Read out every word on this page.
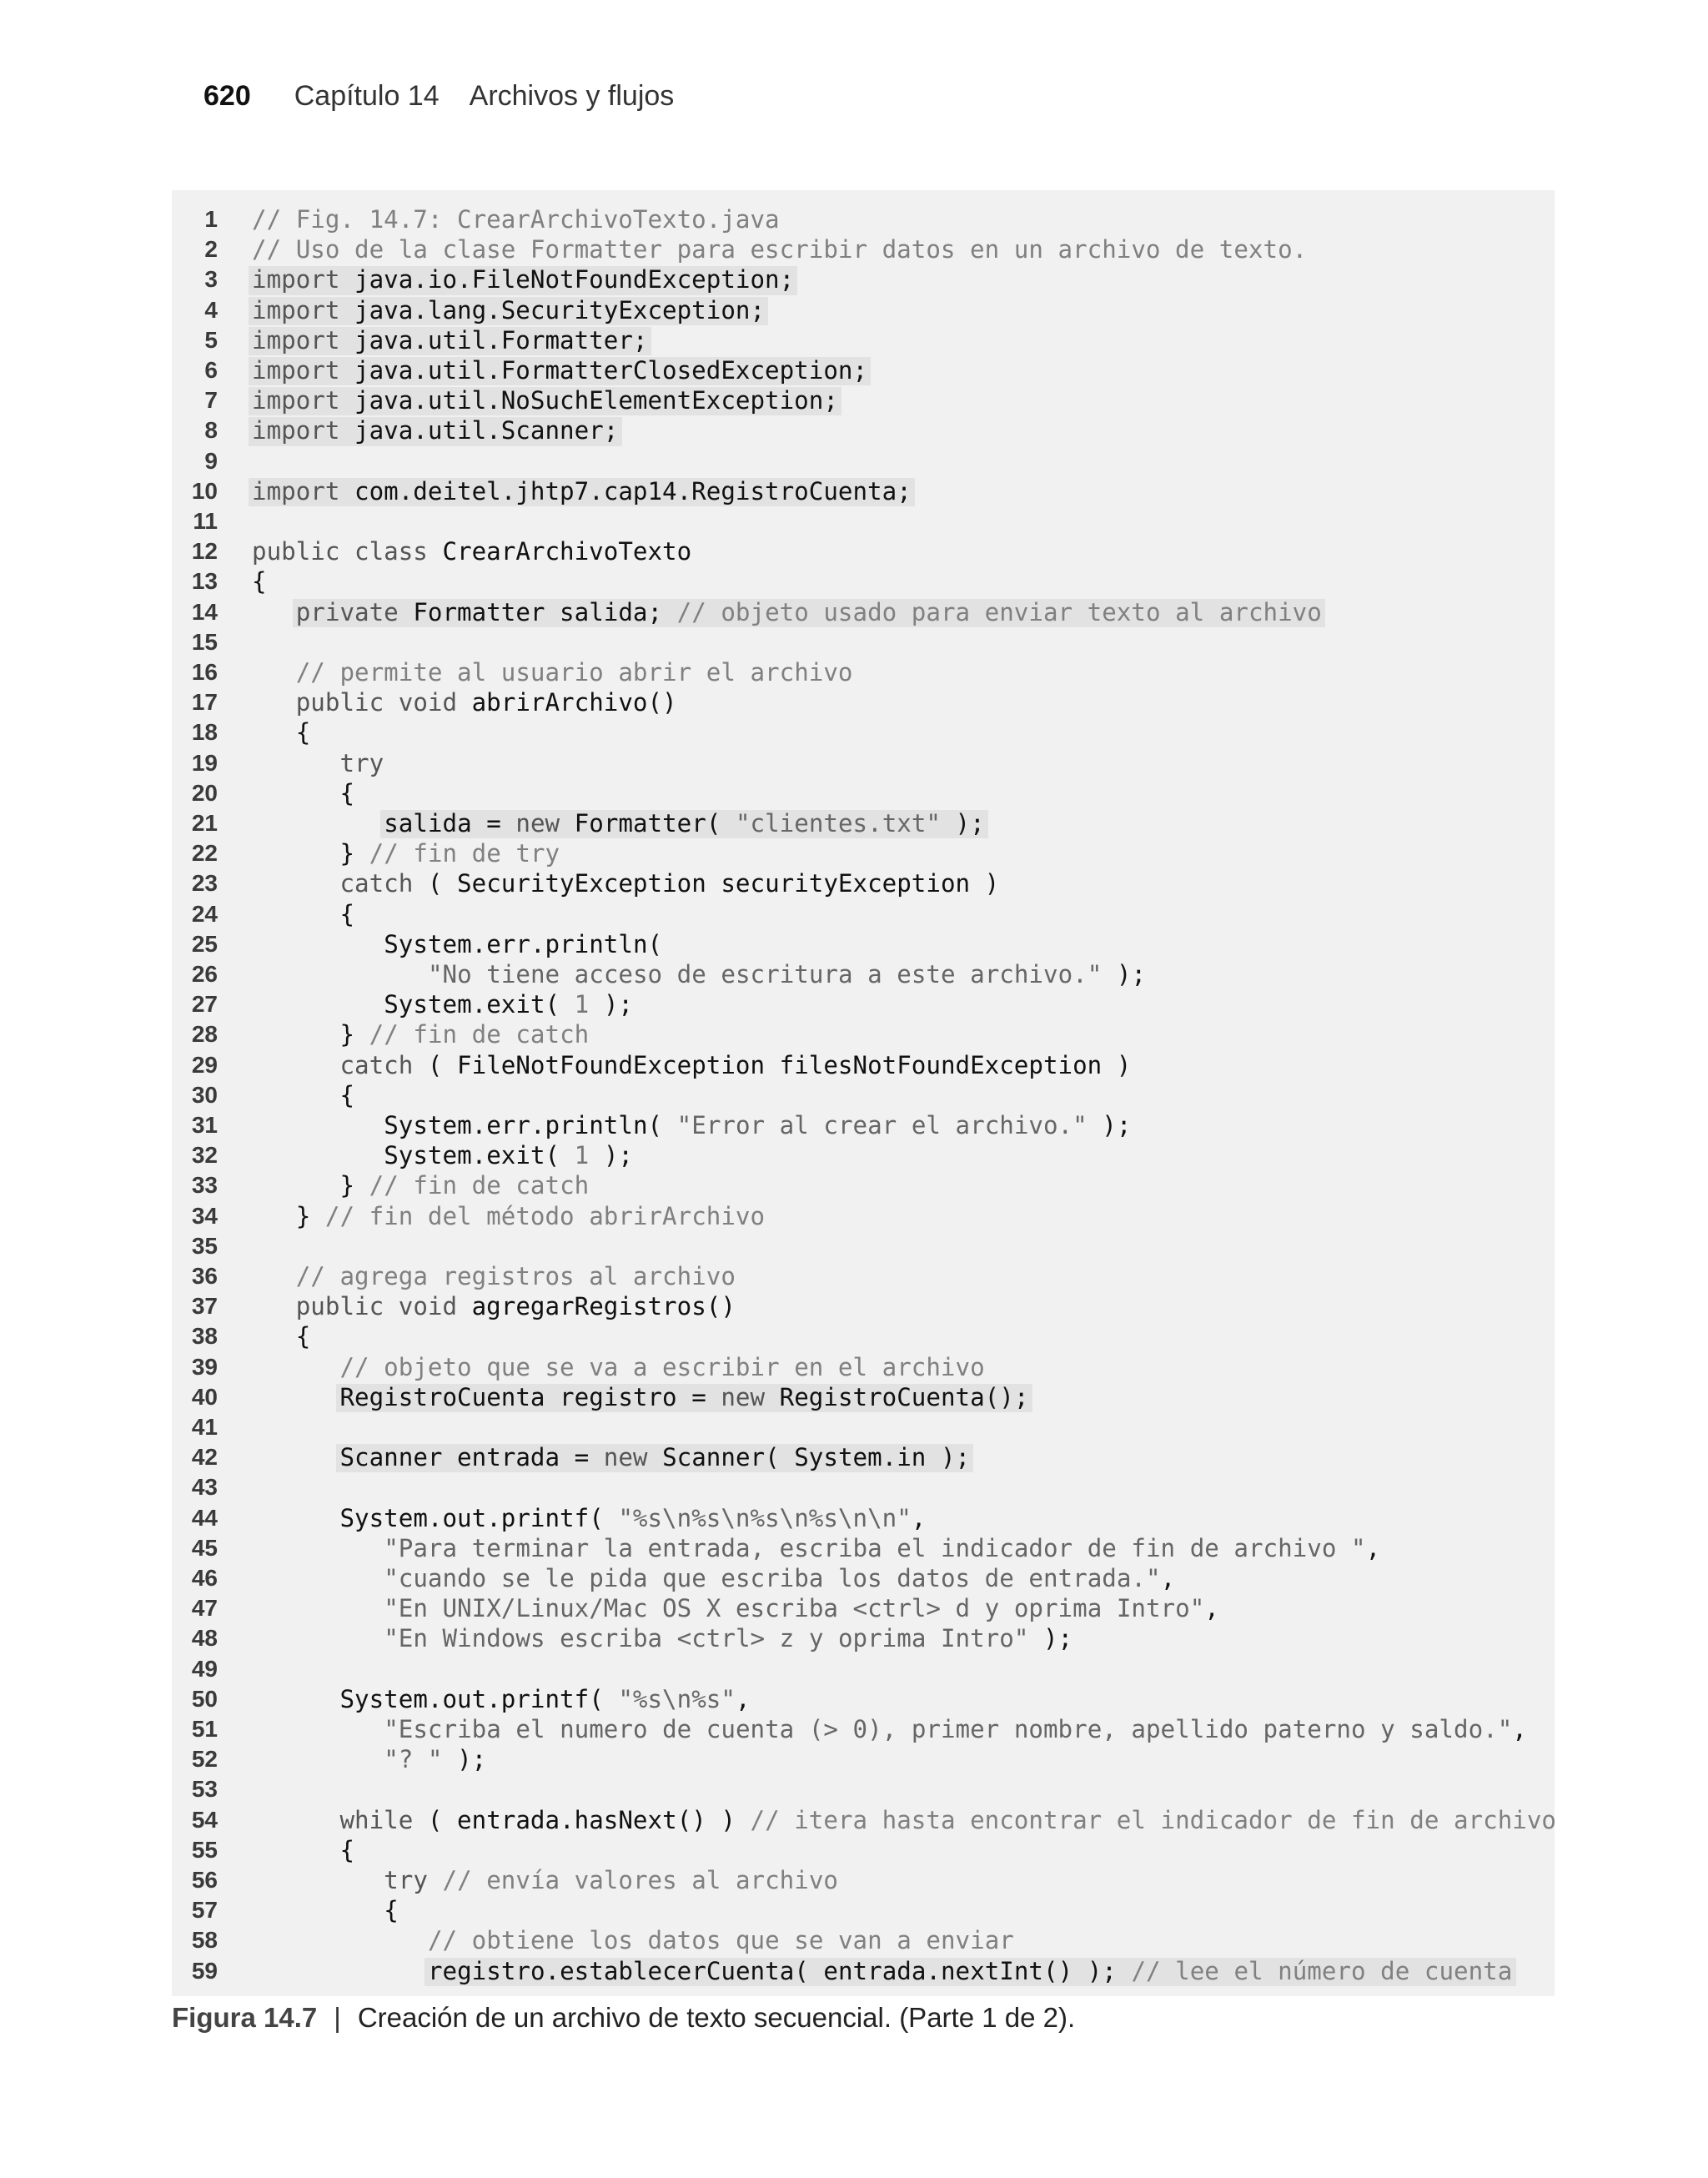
620 Capítulo 14 Archivos y flujos
1 // Fig. 14.7: CrearArchivoTexto.java
2 // Uso de la clase Formatter para escribir datos en un archivo de texto.
3 import java.io.FileNotFoundException;
4 import java.lang.SecurityException;
5 import java.util.Formatter;
6 import java.util.FormatterClosedException;
7 import java.util.NoSuchElementException;
8 import java.util.Scanner;
9
10 import com.deitel.jhtp7.cap14.RegistroCuenta;
11
12 public class CrearArchivoTexto
13 {
14	private Formatter salida; // objeto usado para enviar texto al archivo
15
16	// permite al usuario abrir el archivo
17	public void abrirArchivo()
18	{
19	try
20	{
21	salida = new Formatter( "clientes.txt" );
22	} // fin de try
23	catch ( SecurityException securityException )
24	{
25	System.err.println(
26	"No tiene acceso de escritura a este archivo." );
27	System.exit( 1 );
28	} // fin de catch
29	catch ( FileNotFoundException filesNotFoundException )
30	{
31	System.err.println( "Error al crear el archivo." );
32	System.exit( 1 );
33	} // fin de catch
34	} // fin del método abrirArchivo
35
36	// agrega registros al archivo
37	public void agregarRegistros()
38	{
39	// objeto que se va a escribir en el archivo
40	RegistroCuenta registro = new RegistroCuenta();
41
42	Scanner entrada = new Scanner( System.in );
43
44	System.out.printf( "%s\n%s\n%s\n%s\n\n",
45	"Para terminar la entrada, escriba el indicador de fin de archivo ",
46	"cuando se le pida que escriba los datos de entrada.",
47	"En UNIX/Linux/Mac OS X escriba <ctrl> d y oprima Intro",
48	"En Windows escriba <ctrl> z y oprima Intro" );
49
50	System.out.printf( "%s\n%s",
51	"Escriba el numero de cuenta (> 0), primer nombre, apellido paterno y saldo.",
52	"? " );
53
54	while ( entrada.hasNext() ) // itera hasta encontrar el indicador de fin de archivo
55	{
56	try // envía valores al archivo
57	{
58	// obtiene los datos que se van a enviar
59	registro.establecerCuenta( entrada.nextInt() ); // lee el número de cuenta
Figura 14.7 | Creación de un archivo de texto secuencial. (Parte 1 de 2).
